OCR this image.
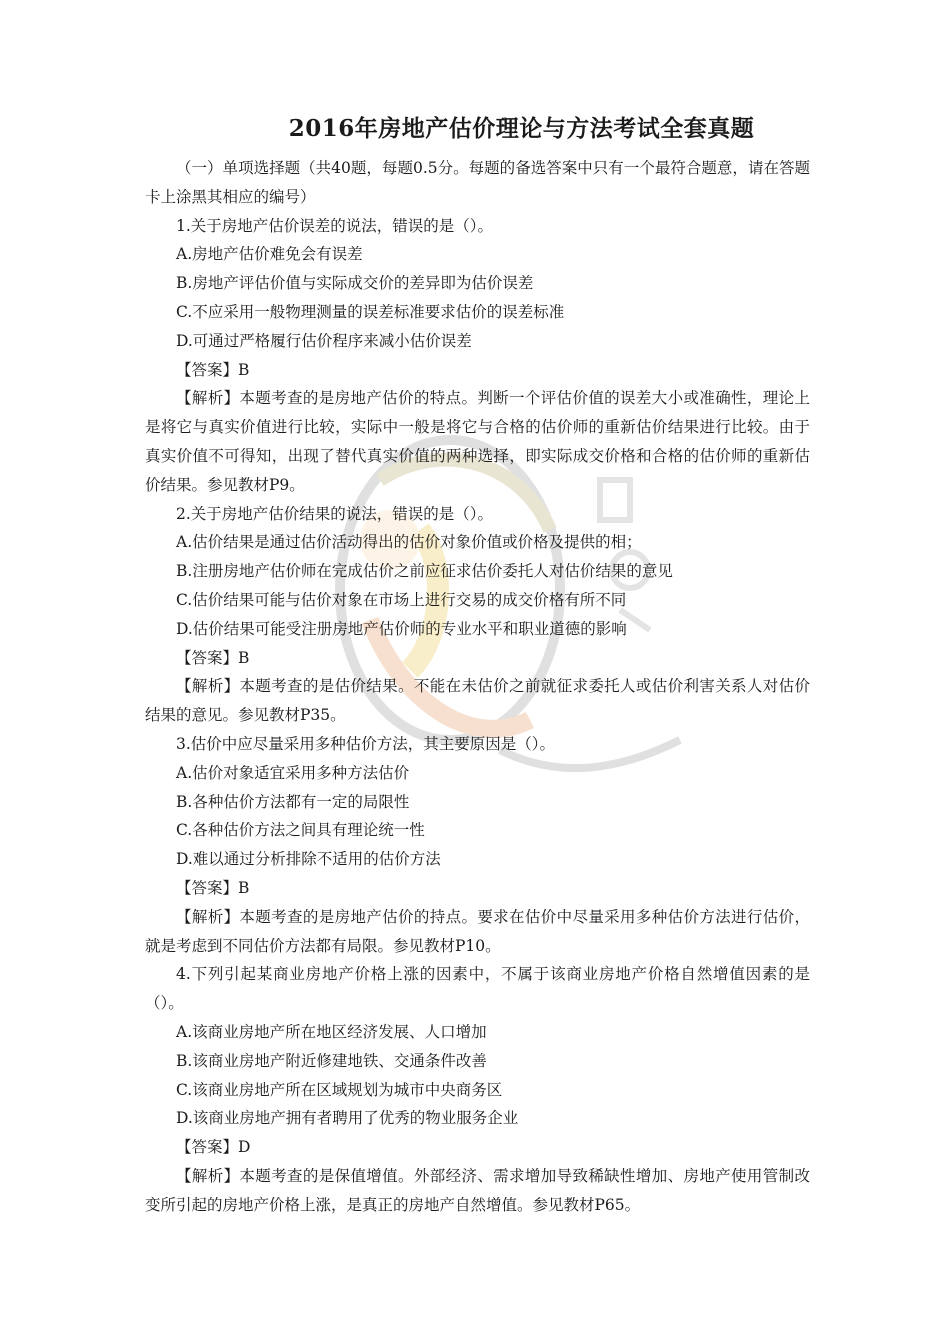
2016年房地产估价理论与方法考试全套真题

（一）单项选择题（共40题，每题0.5分。每题的备选答案中只有一个最符合题意，请在答题卡上涂黑其相应的编号）

1.关于房地产估价误差的说法，错误的是（）。

A.房地产估价难免会有误差

B.房地产评估价值与实际成交价的差异即为估价误差

C.不应采用一般物理测量的误差标准要求估价的误差标准

D.可通过严格履行估价程序来减小估价误差

【答案】B

【解析】本题考查的是房地产估价的特点。判断一个评估价值的误差大小或准确性，理论上是将它与真实价值进行比较，实际中一般是将它与合格的估价师的重新估价结果进行比较。由于真实价值不可得知，出现了替代真实价值的两种选择，即实际成交价格和合格的估价师的重新估价结果。参见教材P9。

2.关于房地产估价结果的说法，错误的是（）。

A.估价结果是通过估价活动得出的估价对象价值或价格及提供的相；

B.注册房地产估价师在完成估价之前应征求估价委托人对估价结果的意见

C.估价结果可能与估价对象在市场上进行交易的成交价格有所不同

D.估价结果可能受注册房地产估价师的专业水平和职业道德的影响

【答案】B

【解析】本题考查的是估价结果。不能在未估价之前就征求委托人或估价利害关系人对估价结果的意见。参见教材P35。

3.估价中应尽量采用多种估价方法，其主要原因是（）。

A.估价对象适宜采用多种方法估价

B.各种估价方法都有一定的局限性

C.各种估价方法之间具有理论统一性

D.难以通过分析排除不适用的估价方法

【答案】B

【解析】本题考查的是房地产估价的持点。要求在估价中尽量采用多种估价方法进行估价，就是考虑到不同估价方法都有局限。参见教材P10。

4.下列引起某商业房地产价格上涨的因素中，不属于该商业房地产价格自然增值因素的是（）。

A.该商业房地产所在地区经济发展、人口增加

B.该商业房地产附近修建地铁、交通条件改善

C.该商业房地产所在区域规划为城市中央商务区

D.该商业房地产拥有者聘用了优秀的物业服务企业

【答案】D

【解析】本题考查的是保值增值。外部经济、需求增加导致稀缺性增加、房地产使用管制改变所引起的房地产价格上涨，是真正的房地产自然增值。参见教材P65。
